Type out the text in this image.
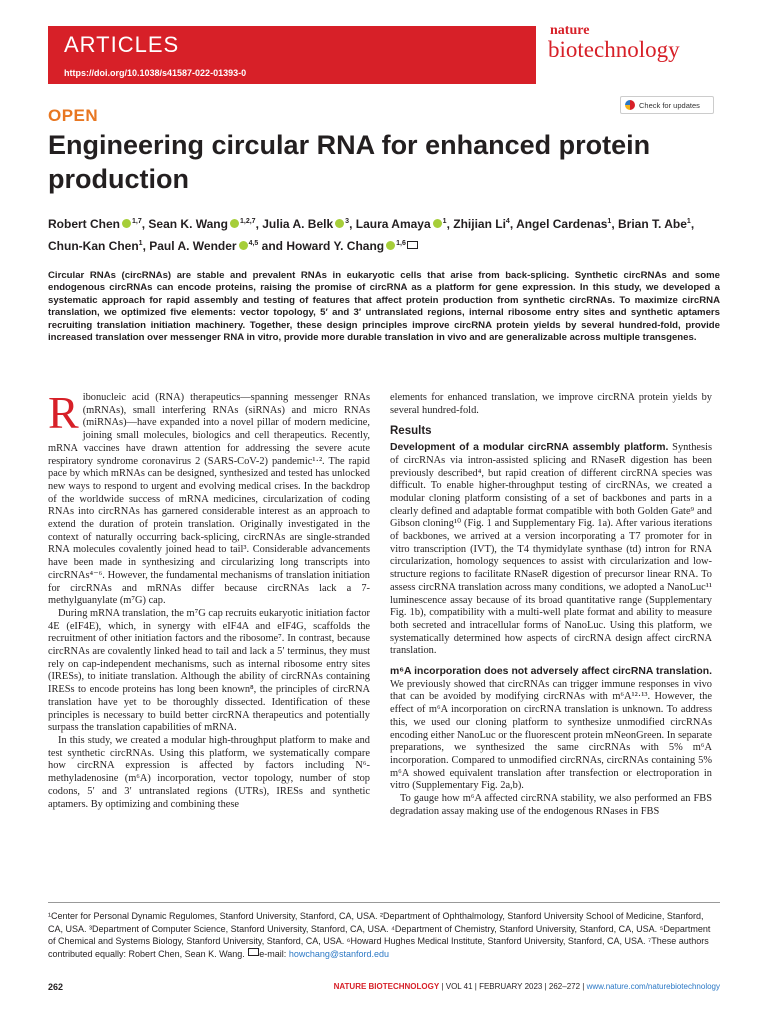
ARTICLES
https://doi.org/10.1038/s41587-022-01393-0
nature
biotechnology
Check for updates
OPEN
Engineering circular RNA for enhanced protein production
Robert Chen $^{1,7}$, Sean K. Wang $^{1,2,7}$, Julia A. Belk $^3$, Laura Amaya $^1$, Zhijian Li$^4$, Angel Cardenas$^1$, Brian T. Abe$^1$, Chun-Kan Chen$^1$, Paul A. Wender $^{4,5}$ and Howard Y. Chang $^{1,6}$
Circular RNAs (circRNAs) are stable and prevalent RNAs in eukaryotic cells that arise from back-splicing. Synthetic circRNAs and some endogenous circRNAs can encode proteins, raising the promise of circRNA as a platform for gene expression. In this study, we developed a systematic approach for rapid assembly and testing of features that affect protein production from synthetic circRNAs. To maximize circRNA translation, we optimized five elements: vector topology, 5′ and 3′ untranslated regions, internal ribosome entry sites and synthetic aptamers recruiting translation initiation machinery. Together, these design principles improve circRNA protein yields by several hundred-fold, provide increased translation over messenger RNA in vitro, provide more durable translation in vivo and are generalizable across multiple transgenes.

Ribonucleic acid (RNA) therapeutics—spanning messenger RNAs (mRNAs), small interfering RNAs (siRNAs) and micro RNAs (miRNAs)—have expanded into a novel pillar of modern medicine, joining small molecules, biologics and cell therapeutics. Recently, mRNA vaccines have drawn attention for addressing the severe acute respiratory syndrome coronavirus 2 (SARS-CoV-2) pandemic¹·². The rapid pace by which mRNAs can be designed, synthesized and tested has unlocked new ways to respond to urgent and evolving medical crises. In the backdrop of the worldwide success of mRNA medicines, circularization of coding RNAs into circRNAs has garnered considerable interest as an approach to extend the duration of protein translation. Originally investigated in the context of naturally occurring back-splicing, circRNAs are single-stranded RNA molecules covalently joined head to tail³. Considerable advancements have been made in synthesizing and circularizing long transcripts into circRNAs⁴⁻⁶. However, the fundamental mechanisms of translation initiation for circRNAs and mRNAs differ because circRNAs lack a 7-methylguanylate (m⁷G) cap.

During mRNA translation, the m⁷G cap recruits eukaryotic initiation factor 4E (eIF4E), which, in synergy with eIF4A and eIF4G, scaffolds the recruitment of other initiation factors and the ribosome⁷. In contrast, because circRNAs are covalently linked head to tail and lack a 5′ terminus, they must rely on cap-independent mechanisms, such as internal ribosome entry sites (IRESs), to initiate translation. Although the ability of circRNAs containing IRESs to encode proteins has long been known⁸, the principles of circRNA translation have yet to be thoroughly dissected. Identification of these principles is necessary to build better circRNA therapeutics and potentially surpass the translation capabilities of mRNA.

In this study, we created a modular high-throughput platform to make and test synthetic circRNAs. Using this platform, we systematically compare how circRNA expression is affected by factors including N⁶-methyladenosine (m⁶A) incorporation, vector topology, number of stop codons, 5′ and 3′ untranslated regions (UTRs), IRESs and synthetic aptamers. By optimizing and combining these

elements for enhanced translation, we improve circRNA protein yields by several hundred-fold.

Results

Development of a modular circRNA assembly platform. Synthesis of circRNAs via intron-assisted splicing and RNaseR digestion has been previously described⁴, but rapid creation of different circRNA species was difficult. To enable higher-throughput testing of circRNAs, we created a modular cloning platform consisting of a set of backbones and parts in a clearly defined and adaptable format compatible with both Golden Gate⁹ and Gibson cloning¹⁰ (Fig. 1 and Supplementary Fig. 1a). After various iterations of backbones, we arrived at a version incorporating a T7 promoter for in vitro transcription (IVT), the T4 thymidylate synthase (td) intron for RNA circularization, homology sequences to assist with circularization and low-structure regions to facilitate RNaseR digestion of precursor linear RNA. To assess circRNA translation across many conditions, we adopted a NanoLuc¹¹ luminescence assay because of its broad quantitative range (Supplementary Fig. 1b), compatibility with a multi-well plate format and ability to measure both secreted and intracellular forms of NanoLuc. Using this platform, we systematically determined how aspects of circRNA design affect circRNA translation.

m⁶A incorporation does not adversely affect circRNA translation. We previously showed that circRNAs can trigger immune responses in vivo that can be avoided by modifying circRNAs with m⁶A¹²·¹³. However, the effect of m⁶A incorporation on circRNA translation is unknown. To address this, we used our cloning platform to synthesize unmodified circRNAs encoding either NanoLuc or the fluorescent protein mNeonGreen. In separate preparations, we synthesized the same circRNAs with 5% m⁶A incorporation. Compared to unmodified circRNAs, circRNAs containing 5% m⁶A showed equivalent translation after transfection or electroporation in vitro (Supplementary Fig. 2a,b).

To gauge how m⁶A affected circRNA stability, we also performed an FBS degradation assay making use of the endogenous RNases in FBS

¹Center for Personal Dynamic Regulomes, Stanford University, Stanford, CA, USA. ²Department of Ophthalmology, Stanford University School of Medicine, Stanford, CA, USA. ³Department of Computer Science, Stanford University, Stanford, CA, USA. ⁴Department of Chemistry, Stanford University, Stanford, CA, USA. ⁵Department of Chemical and Systems Biology, Stanford University, Stanford, CA, USA. ⁶Howard Hughes Medical Institute, Stanford University, Stanford, CA, USA. ⁷These authors contributed equally: Robert Chen, Sean K. Wang. e-mail: howchang@stanford.edu
262	NATURE BIOTECHNOLOGY | VOL 41 | FEBRUARY 2023 | 262–272 | www.nature.com/naturebiotechnology
